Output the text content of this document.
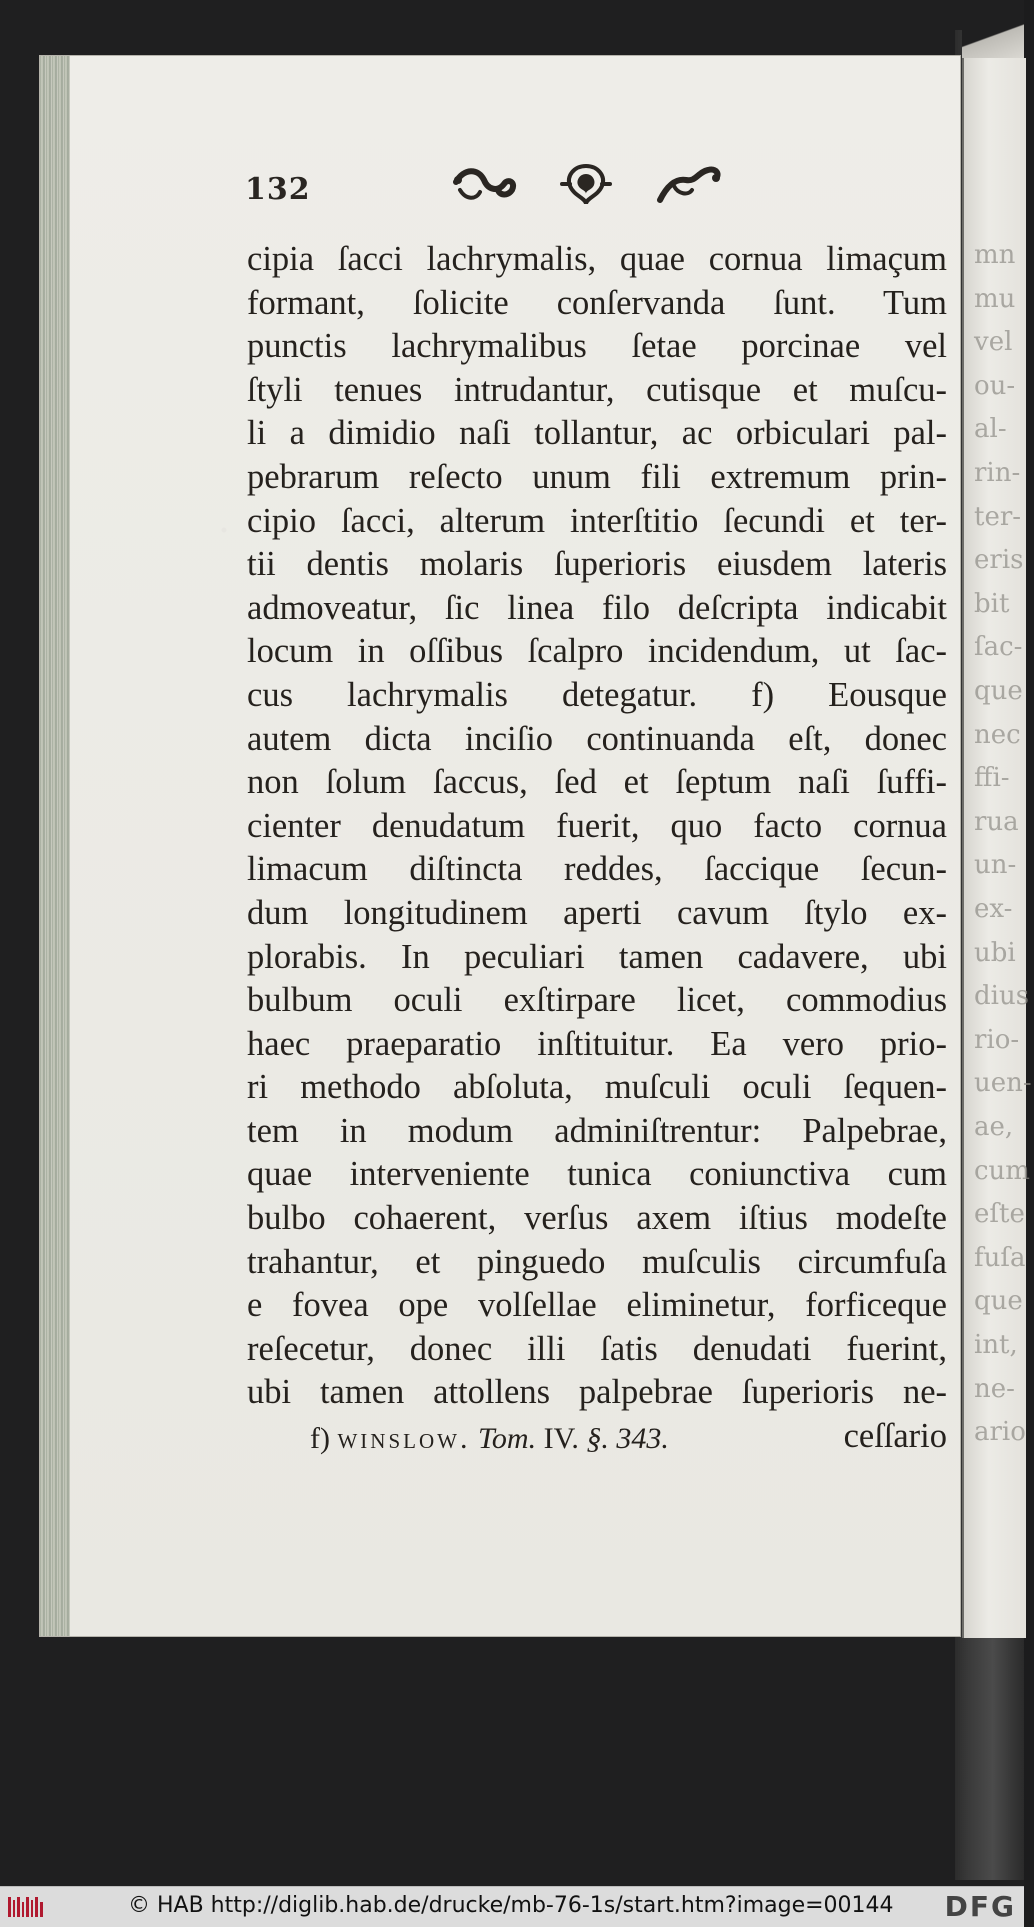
mn
mu
vel
ou-
al-
rin-
ter-
eris
bit
ſac-
que
nec
ffi-
rua
un-
ex-
ubi
dius
rio-
uen-
ae,
cum
eſte
fuſa
que
int,
ne-
ario
132
cipia ſacci lachrymalis, quae cornua limaçum
formant, ſolicite conſervanda ſunt. Tum
punctis lachrymalibus ſetae porcinae vel
ſtyli tenues intrudantur, cutisque et muſcu-
li a dimidio naſi tollantur, ac orbiculari pal-
pebrarum reſecto unum fili extremum prin-
cipio ſacci, alterum interſtitio ſecundi et ter-
tii dentis molaris ſuperioris eiusdem lateris
admoveatur, ſic linea filo deſcripta indicabit
locum in oſſibus ſcalpro incidendum, ut ſac-
cus lachrymalis detegatur. f) Eousque
autem dicta inciſio continuanda eſt, donec
non ſolum ſaccus, ſed et ſeptum naſi ſuffi-
cienter denudatum fuerit, quo facto cornua
limacum diſtincta reddes, ſaccique ſecun-
dum longitudinem aperti cavum ſtylo ex-
plorabis. In peculiari tamen cadavere, ubi
bulbum oculi exſtirpare licet, commodius
haec praeparatio inſtituitur. Ea vero prio-
ri methodo abſoluta, muſculi oculi ſequen-
tem in modum adminiſtrentur: Palpebrae,
quae interveniente tunica coniunctiva cum
bulbo cohaerent, verſus axem iſtius modeſte
trahantur, et pinguedo muſculis circumfuſa
e fovea ope volſellae eliminetur, forficeque
reſecetur, donec illi ſatis denudati fuerint,
ubi tamen attollens palpebrae ſuperioris ne-
ceſſario
f) winslow. Tom. IV. §. 343.
© HAB http://diglib.hab.de/drucke/mb-76-1s/start.htm?image=00144 DFG
